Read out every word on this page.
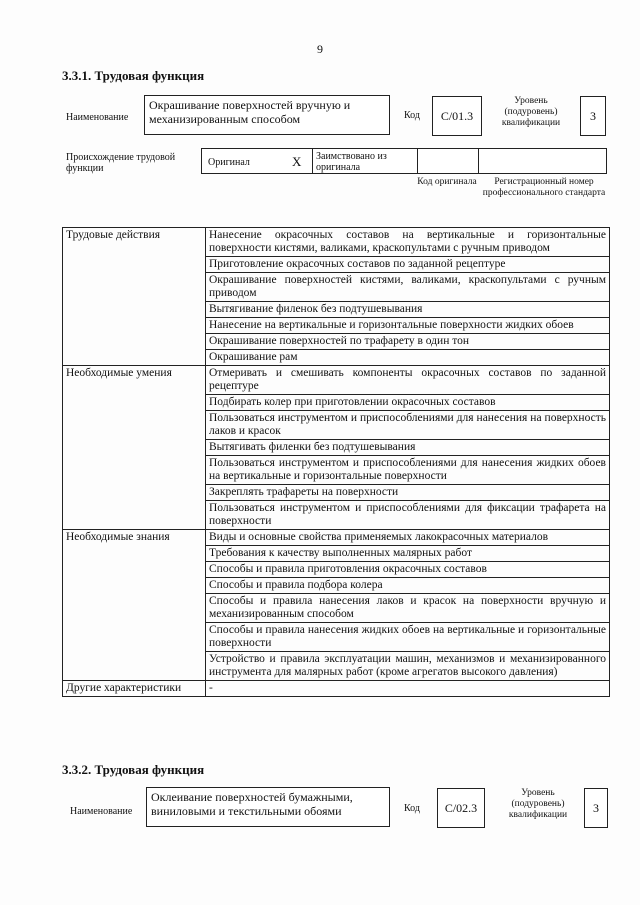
9
3.3.1. Трудовая функция
Наименование
Окрашивание поверхностей вручную и механизированным способом	Код	С/01.3
Уровень (подуровень) квалификации
3
Происхождение трудовой функции
Оригинал	X Заимствовано из оригинала
Код оригинала	Регистрационный номер профессионального стандарта
Трудовые действия	Нанесение окрасочных составов на вертикальные и горизонтальные поверхности кистями, валиками, краскопультами с ручным приводом
	Приготовление окрасочных составов по заданной рецептуре
	Окрашивание поверхностей кистями, валиками, краскопультами с ручным приводом
	Вытягивание филенок без подтушевывания
	Нанесение на вертикальные и горизонтальные поверхности жидких обоев
	Окрашивание поверхностей по трафарету в один тон
	Окрашивание рам
Необходимые умения	Отмеривать и смешивать компоненты окрасочных составов по заданной рецептуре
	Подбирать колер при приготовлении окрасочных составов
	Пользоваться инструментом и приспособлениями для нанесения на поверхность лаков и красок
	Вытягивать филенки без подтушевывания
	Пользоваться инструментом и приспособлениями для нанесения жидких обоев на вертикальные и горизонтальные поверхности
	Закреплять трафареты на поверхности
	Пользоваться инструментом и приспособлениями для фиксации трафарета на поверхности
Необходимые знания	Виды и основные свойства применяемых лакокрасочных материалов
	Требования к качеству выполненных малярных работ
	Способы и правила приготовления окрасочных составов
	Способы и правила подбора колера
	Способы и правила нанесения лаков и красок на поверхности вручную и механизированным способом
	Способы и правила нанесения жидких обоев на вертикальные и горизонтальные поверхности
	Устройство и правила эксплуатации машин, механизмов и механизированного инструмента для малярных работ (кроме агрегатов высокого давления)
Другие характеристики	-
3.3.2. Трудовая функция
Наименование
Оклеивание поверхностей бумажными, виниловыми и текстильными обоями	Код	С/02.3
Уровень (подуровень) квалификации
3
